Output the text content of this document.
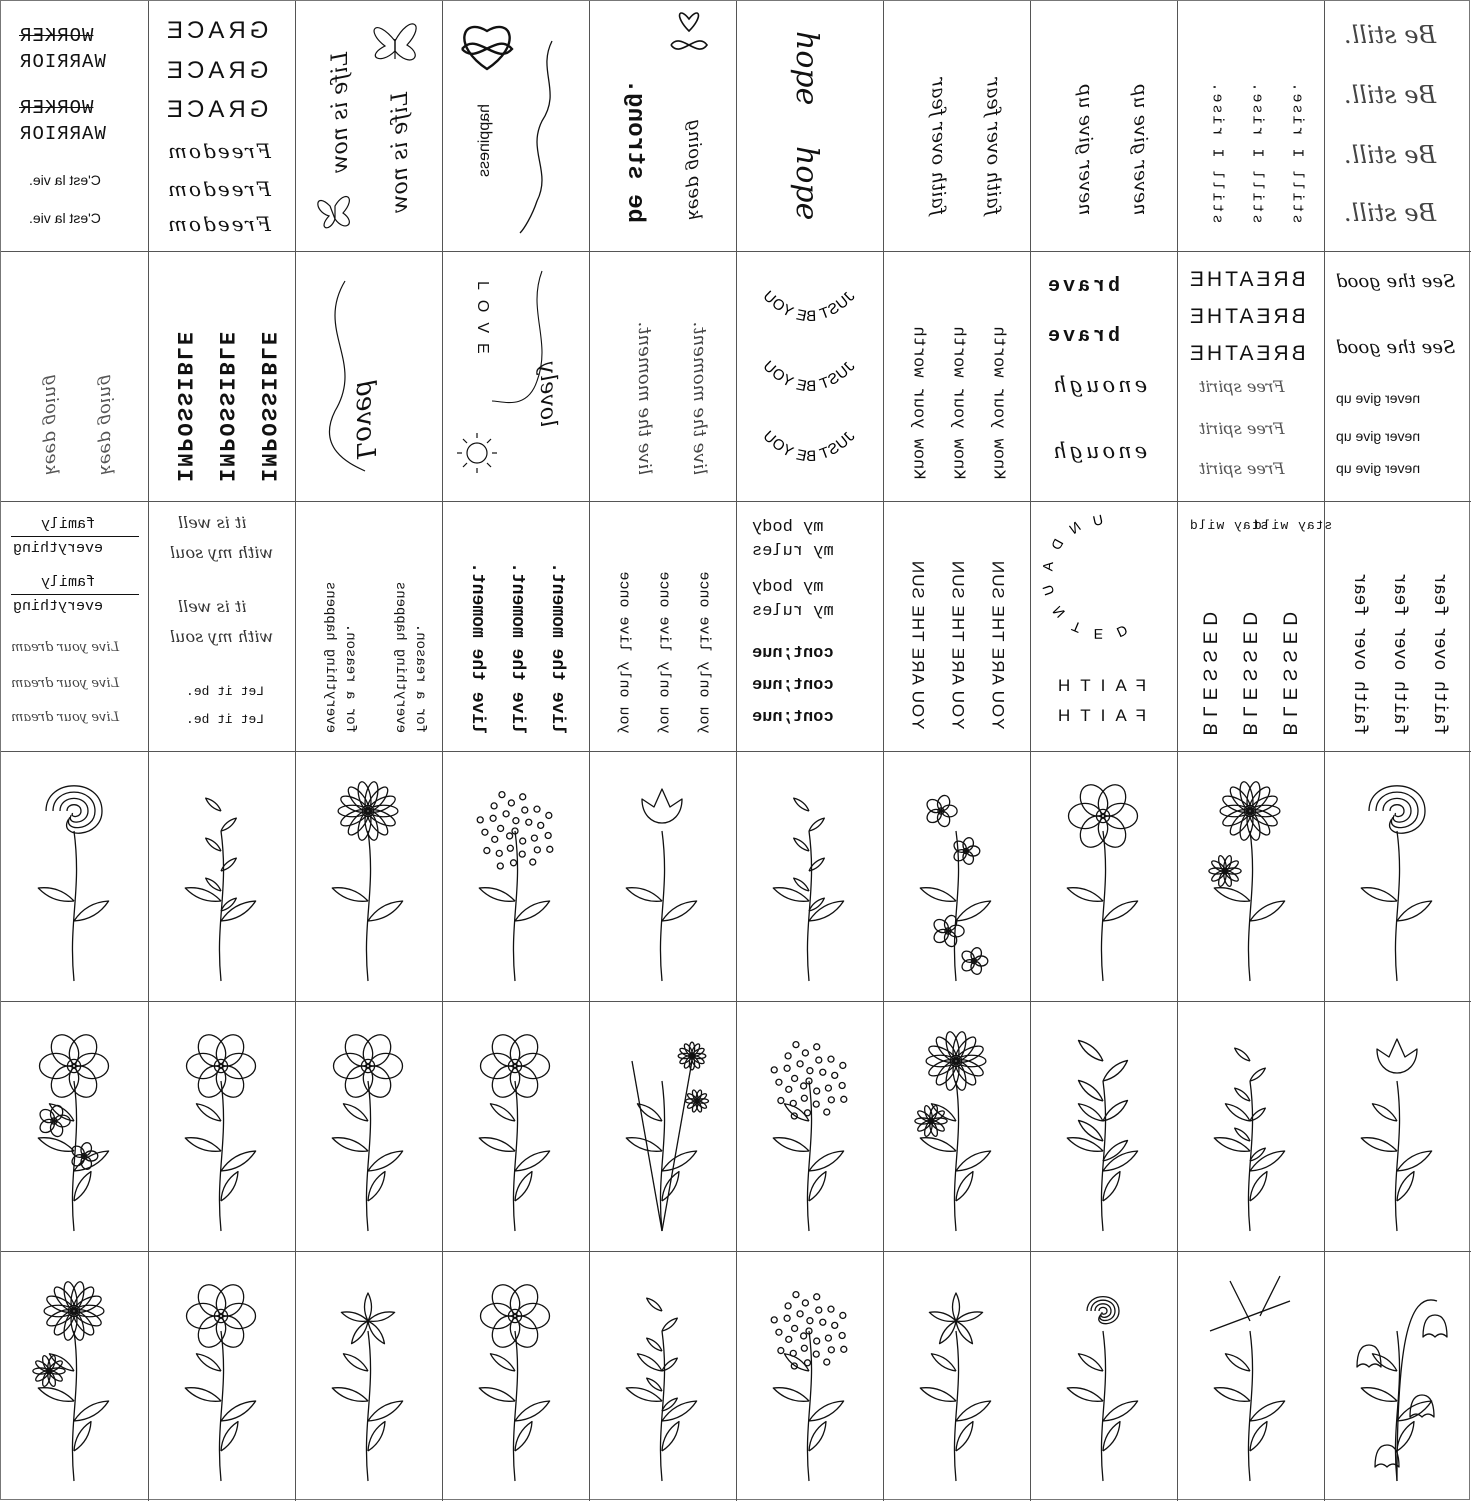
WORKER
WARRIOR
WORKER
WARRIOR
C'est la vie.
C'est la vie.
GRACE
GRACE
GRACE
Freedom
Freedom
Freedom
Life is now Life is now	happiness	be strong. keep going
hope
hope	faith over fear faith over fear	never give up never give up	still I rise. still I rise. still I rise.
Be still.
Be still.
Be still.
Be still.
keep going keep going IMPOSSIBLE IMPOSSIBLE IMPOSSIBLE	Loved
LOVE
lovely	live the moment. live the moment.
JUST BE YOU
JUST BE YOU
JUST BE YOU	Know your worth Know your worth Know your worth
brave
brave
enough
enough
BREATHE
BREATHE
BREATHE
Free spirit
Free spirit
Free spirit
See the good
See the good
never give up
never give up
never give up
family
everything
family
everything
Live your dream
Live your dream
Live your dream
it is well
with my soul
it is well
with my soul
Let it be.
Let it be.	everything happens for a reason. everything happens for a reason. live the moment. live the moment. live the moment.	you only live once you only live once you only live once
my body
my rules
my body
my rules
cont;nue
cont;nue
cont;nue	YOU ARE THE SUN YOU ARE THE SUN YOU ARE THE SUN
UNDAUNTED
FAITH
FAITH
stay wild
stay wild
BLESSED BLESSED BLESSED	faith over fear faith over fear faith over fear
